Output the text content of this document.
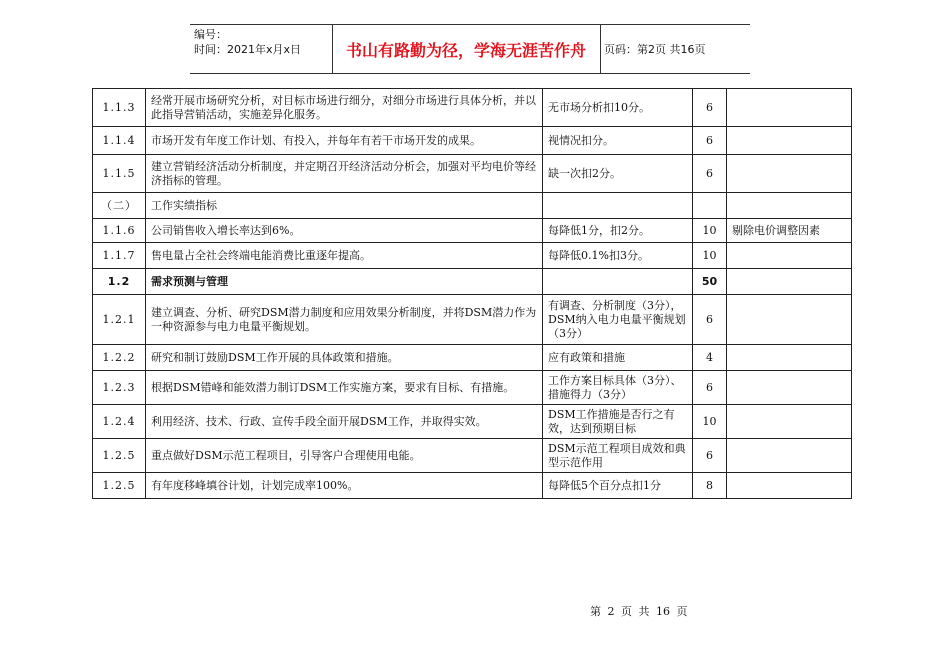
编号：
时间：2021年x月x日	书山有路勤为径，学海无涯苦作舟	页码：第2页 共16页
1.1.3	经常开展市场研究分析，对目标市场进行细分，对细分市场进行具体分析，并以此指导营销活动，实施差异化服务。	无市场分析扣10分。	6	
1.1.4	市场开发有年度工作计划、有投入，并每年有若干市场开发的成果。	视情况扣分。	6	
1.1.5	建立营销经济活动分析制度，并定期召开经济活动分析会，加强对平均电价等经济指标的管理。	缺一次扣2分。	6	
（二）	工作实绩指标			
1.1.6	公司销售收入增长率达到6%。	每降低1分，扣2分。	10	剔除电价调整因素
1.1.7	售电量占全社会终端电能消费比重逐年提高。	每降低0.1%扣3分。	10	
1.2	需求预测与管理		50	
1.2.1	建立调查、分析、研究DSM潜力制度和应用效果分析制度，并将DSM潜力作为一种资源参与电力电量平衡规划。	有调查、分析制度（3分），DSM纳入电力电量平衡规划（3分）	6	
1.2.2	研究和制订鼓励DSM工作开展的具体政策和措施。	应有政策和措施	4	
1.2.3	根据DSM错峰和能效潜力制订DSM工作实施方案，要求有目标、有措施。	工作方案目标具体（3分）、措施得力（3分）	6	
1.2.4	利用经济、技术、行政、宣传手段全面开展DSM工作，并取得实效。	DSM工作措施是否行之有效，达到预期目标	10	
1.2.5	重点做好DSM示范工程项目，引导客户合理使用电能。	DSM示范工程项目成效和典型示范作用	6	
1.2.5	有年度移峰填谷计划，计划完成率100%。	每降低5个百分点扣1分	8	
第 2 页 共 16 页
